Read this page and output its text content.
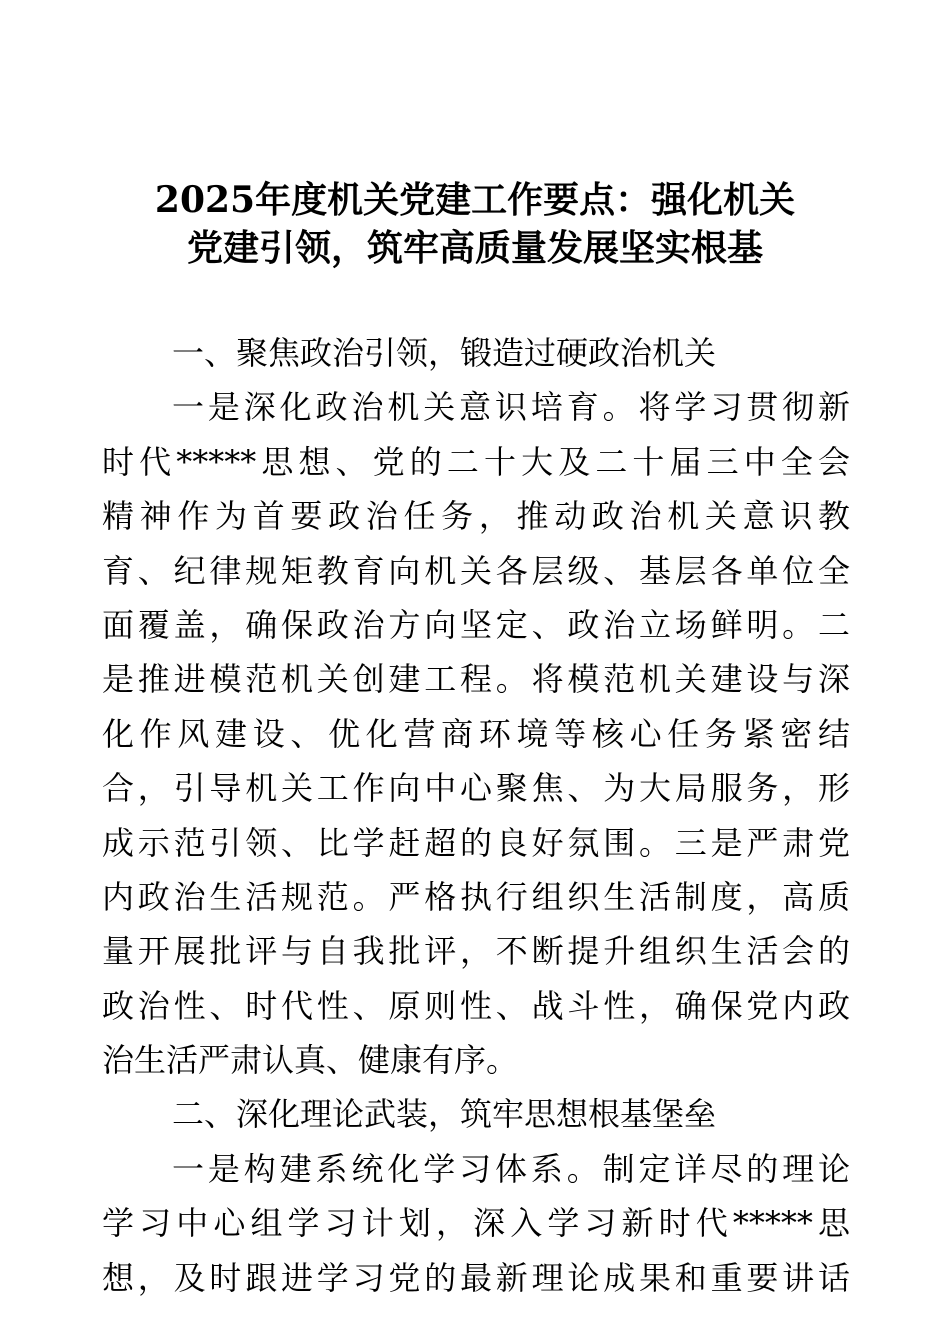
2025年度机关党建工作要点：强化机关
党建引领，筑牢高质量发展坚实根基
一、聚焦政治引领，锻造过硬政治机关
一是深化政治机关意识培育。将学习贯彻新
时代*****思想、党的二十大及二十届三中全会
精神作为首要政治任务，推动政治机关意识教
育、纪律规矩教育向机关各层级、基层各单位全
面覆盖，确保政治方向坚定、政治立场鲜明。二
是推进模范机关创建工程。将模范机关建设与深
化作风建设、优化营商环境等核心任务紧密结
合，引导机关工作向中心聚焦、为大局服务，形
成示范引领、比学赶超的良好氛围。三是严肃党
内政治生活规范。严格执行组织生活制度，高质
量开展批评与自我批评，不断提升组织生活会的
政治性、时代性、原则性、战斗性，确保党内政
治生活严肃认真、健康有序。
二、深化理论武装，筑牢思想根基堡垒
一是构建系统化学习体系。制定详尽的理论
学习中心组学习计划，深入学习新时代*****思
想，及时跟进学习党的最新理论成果和重要讲话
